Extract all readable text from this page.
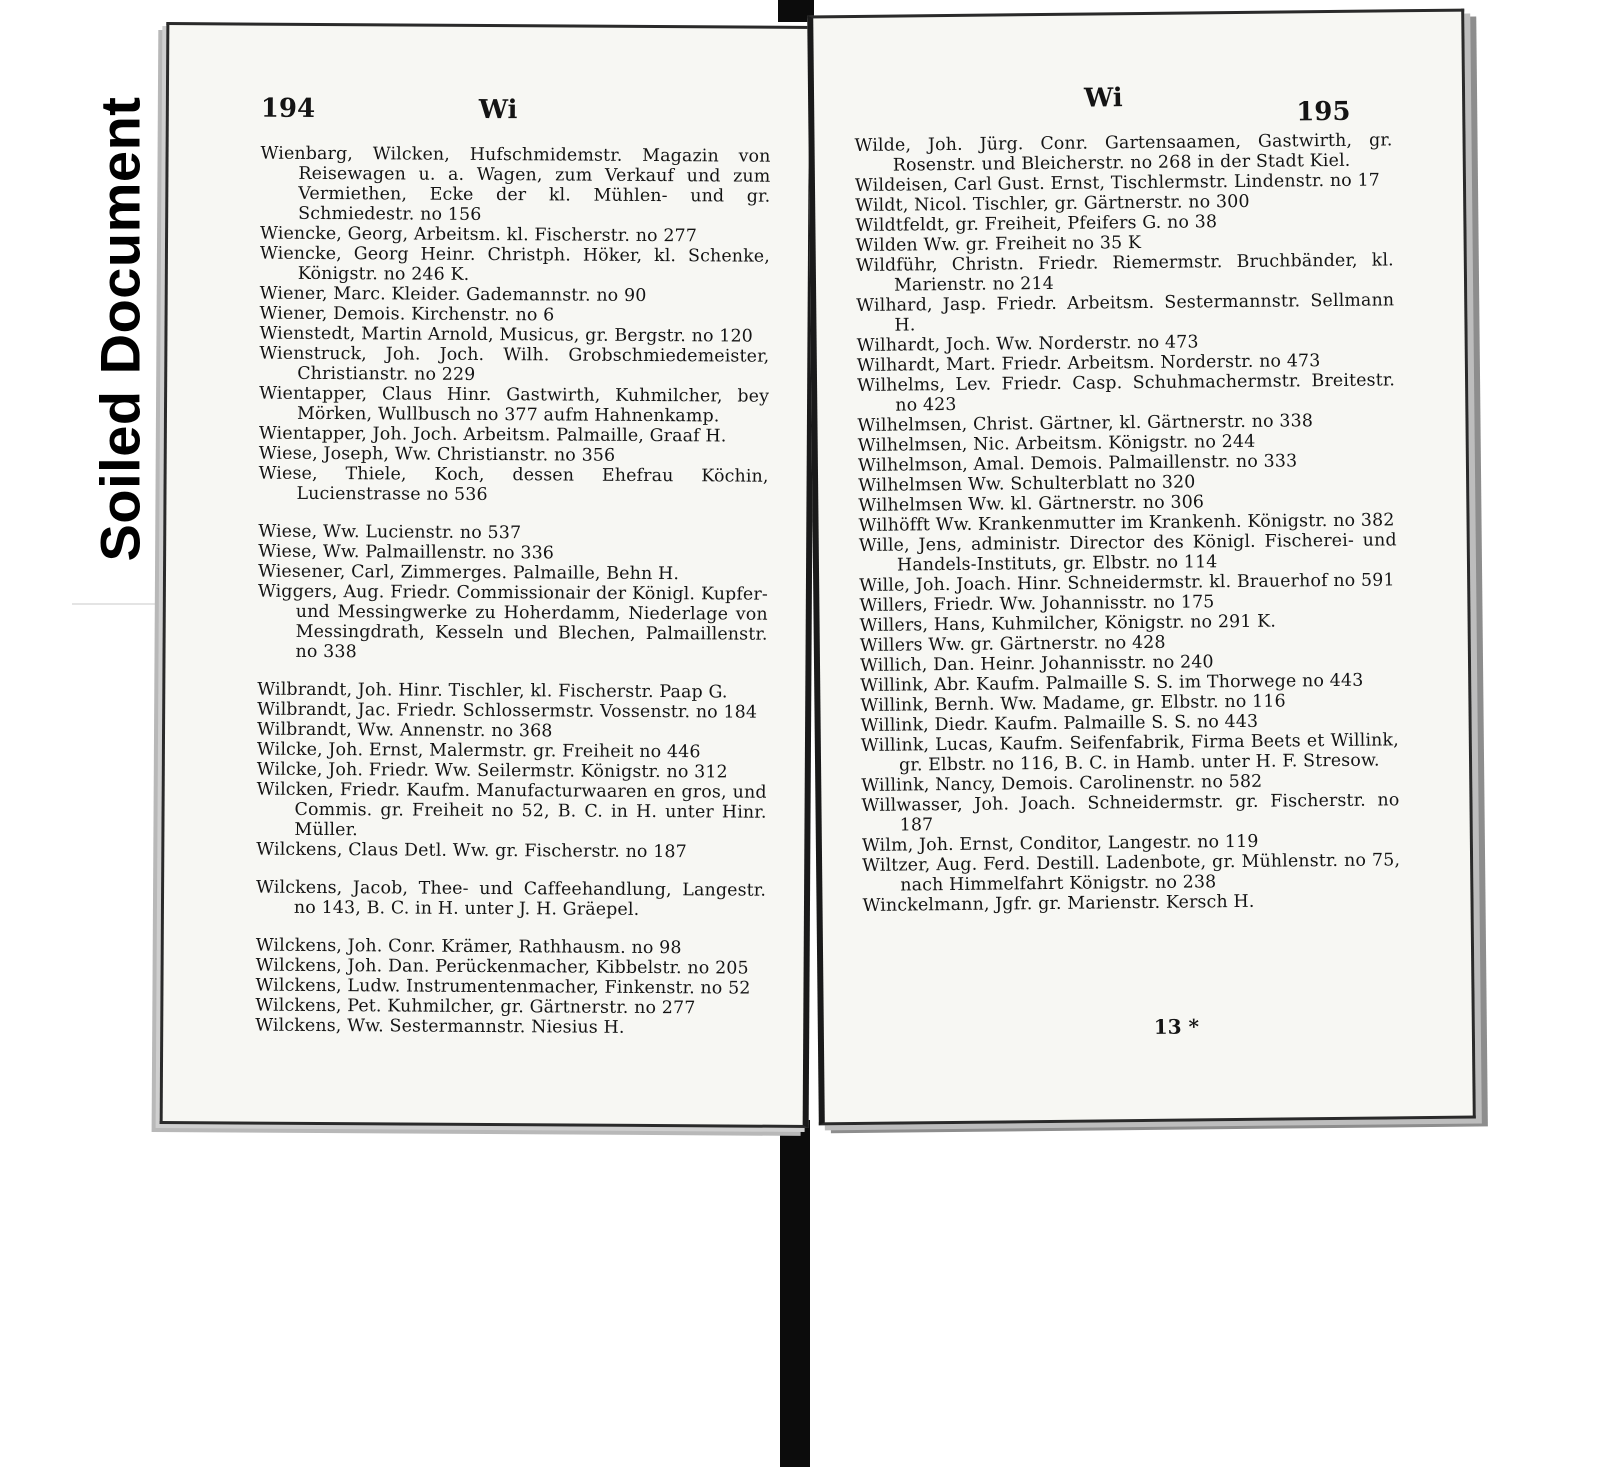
Soiled Document	194	Wi

Wienbarg, Wilcken, Hufschmidemstr. Magazin von Reisewagen u. a. Wagen, zum Verkauf und zum Vermiethen, Ecke der kl. Mühlen- und gr. Schmiedestr. no 156

Wiencke, Georg, Arbeitsm. kl. Fischerstr. no 277

Wiencke, Georg Heinr. Christph. Höker, kl. Schenke, Königstr. no 246 K.

Wiener, Marc. Kleider. Gademannstr. no 90

Wiener, Demois. Kirchenstr. no 6

Wienstedt, Martin Arnold, Musicus, gr. Bergstr. no 120

Wienstruck, Joh. Joch. Wilh. Grobschmiedemeister, Christianstr. no 229

Wientapper, Claus Hinr. Gastwirth, Kuhmilcher, bey Mörken, Wullbusch no 377 aufm Hahnenkamp.

Wientapper, Joh. Joch. Arbeitsm. Palmaille, Graaf H.

Wiese, Joseph, Ww. Christianstr. no 356

Wiese, Thiele, Koch, dessen Ehefrau Köchin, Lucienstrasse no 536

Wiese, Ww. Lucienstr. no 537

Wiese, Ww. Palmaillenstr. no 336

Wiesener, Carl, Zimmerges. Palmaille, Behn H.

Wiggers, Aug. Friedr. Commissionair der Königl. Kupfer- und Messingwerke zu Hoherdamm, Niederlage von Messingdrath, Kesseln und Blechen, Palmaillenstr. no 338

Wilbrandt, Joh. Hinr. Tischler, kl. Fischerstr. Paap G.

Wilbrandt, Jac. Friedr. Schlossermstr. Vossenstr. no 184

Wilbrandt, Ww. Annenstr. no 368

Wilcke, Joh. Ernst, Malermstr. gr. Freiheit no 446

Wilcke, Joh. Friedr. Ww. Seilermstr. Königstr. no 312

Wilcken, Friedr. Kaufm. Manufacturwaaren en gros, und Commis. gr. Freiheit no 52, B. C. in H. unter Hinr. Müller.

Wilckens, Claus Detl. Ww. gr. Fischerstr. no 187

Wilckens, Jacob, Thee- und Caffeehandlung, Langestr. no 143, B. C. in H. unter J. H. Gräepel.

Wilckens, Joh. Conr. Krämer, Rathhausm. no 98

Wilckens, Joh. Dan. Perückenmacher, Kibbelstr. no 205

Wilckens, Ludw. Instrumentenmacher, Finkenstr. no 52

Wilckens, Pet. Kuhmilcher, gr. Gärtnerstr. no 277

Wilckens, Ww. Sestermannstr. Niesius H.

Wi	195

Wilde, Joh. Jürg. Conr. Gartensaamen, Gastwirth, gr. Rosenstr. und Bleicherstr. no 268 in der Stadt Kiel.

Wildeisen, Carl Gust. Ernst, Tischlermstr. Lindenstr. no 17

Wildt, Nicol. Tischler, gr. Gärtnerstr. no 300

Wildtfeldt, gr. Freiheit, Pfeifers G. no 38

Wilden Ww. gr. Freiheit no 35 K

Wildführ, Christn. Friedr. Riemermstr. Bruchbänder, kl. Marienstr. no 214

Wilhard, Jasp. Friedr. Arbeitsm. Sestermannstr. Sellmann H.

Wilhardt, Joch. Ww. Norderstr. no 473

Wilhardt, Mart. Friedr. Arbeitsm. Norderstr. no 473

Wilhelms, Lev. Friedr. Casp. Schuhmachermstr. Breitestr. no 423

Wilhelmsen, Christ. Gärtner, kl. Gärtnerstr. no 338

Wilhelmsen, Nic. Arbeitsm. Königstr. no 244

Wilhelmson, Amal. Demois. Palmaillenstr. no 333

Wilhelmsen Ww. Schulterblatt no 320

Wilhelmsen Ww. kl. Gärtnerstr. no 306

Wilhöfft Ww. Krankenmutter im Krankenh. Königstr. no 382

Wille, Jens, administr. Director des Königl. Fischerei- und Handels-Instituts, gr. Elbstr. no 114

Wille, Joh. Joach. Hinr. Schneidermstr. kl. Brauerhof no 591

Willers, Friedr. Ww. Johannisstr. no 175

Willers, Hans, Kuhmilcher, Königstr. no 291 K.

Willers Ww. gr. Gärtnerstr. no 428

Willich, Dan. Heinr. Johannisstr. no 240

Willink, Abr. Kaufm. Palmaille S. S. im Thorwege no 443

Willink, Bernh. Ww. Madame, gr. Elbstr. no 116

Willink, Diedr. Kaufm. Palmaille S. S. no 443

Willink, Lucas, Kaufm. Seifenfabrik, Firma Beets et Willink, gr. Elbstr. no 116, B. C. in Hamb. unter H. F. Stresow.

Willink, Nancy, Demois. Carolinenstr. no 582

Willwasser, Joh. Joach. Schneidermstr. gr. Fischerstr. no 187

Wilm, Joh. Ernst, Conditor, Langestr. no 119

Wiltzer, Aug. Ferd. Destill. Ladenbote, gr. Mühlenstr. no 75, nach Himmelfahrt Königstr. no 238

Winckelmann, Jgfr. gr. Marienstr. Kersch H.

13 *
